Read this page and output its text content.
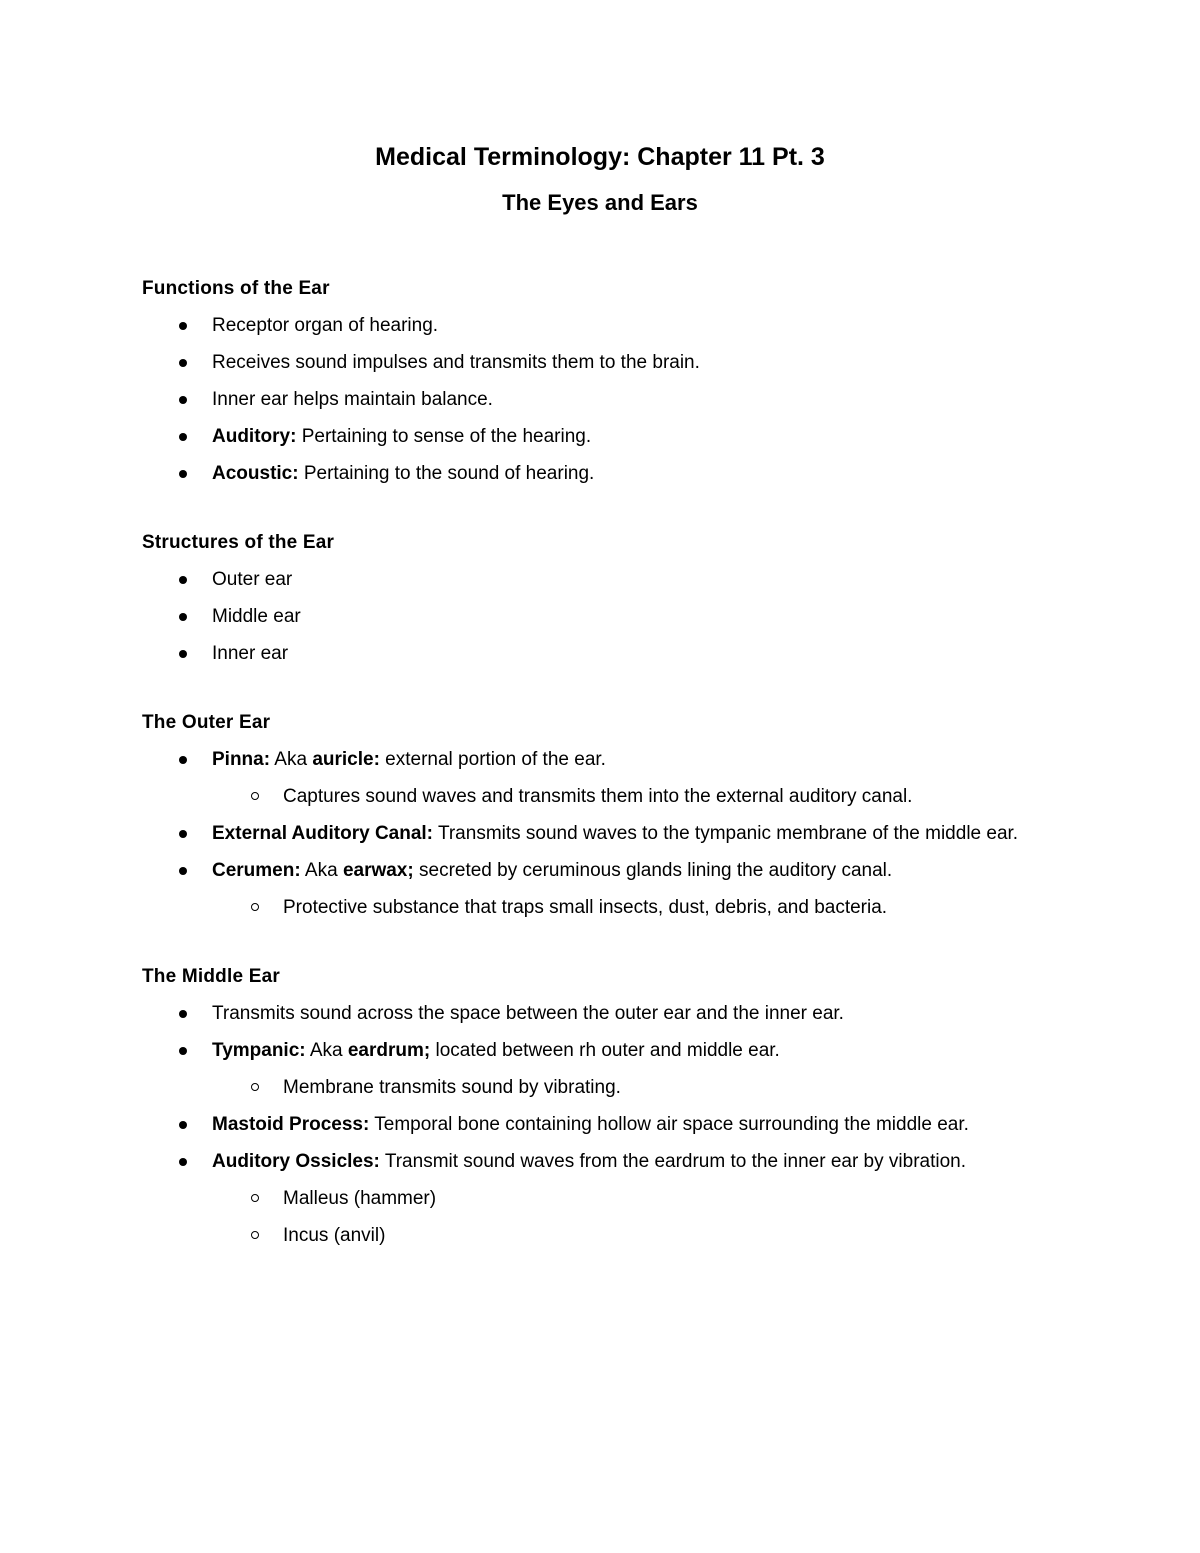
Medical Terminology: Chapter 11 Pt. 3
The Eyes and Ears
Functions of the Ear
Receptor organ of hearing.
Receives sound impulses and transmits them to the brain.
Inner ear helps maintain balance.
Auditory: Pertaining to sense of the hearing.
Acoustic: Pertaining to the sound of hearing.
Structures of the Ear
Outer ear
Middle ear
Inner ear
The Outer Ear
Pinna: Aka auricle: external portion of the ear.
Captures sound waves and transmits them into the external auditory canal.
External Auditory Canal: Transmits sound waves to the tympanic membrane of the middle ear.
Cerumen: Aka earwax; secreted by ceruminous glands lining the auditory canal.
Protective substance that traps small insects, dust, debris, and bacteria.
The Middle Ear
Transmits sound across the space between the outer ear and the inner ear.
Tympanic: Aka eardrum; located between rh outer and middle ear.
Membrane transmits sound by vibrating.
Mastoid Process: Temporal bone containing hollow air space surrounding the middle ear.
Auditory Ossicles: Transmit sound waves from the eardrum to the inner ear by vibration.
Malleus (hammer)
Incus (anvil)
